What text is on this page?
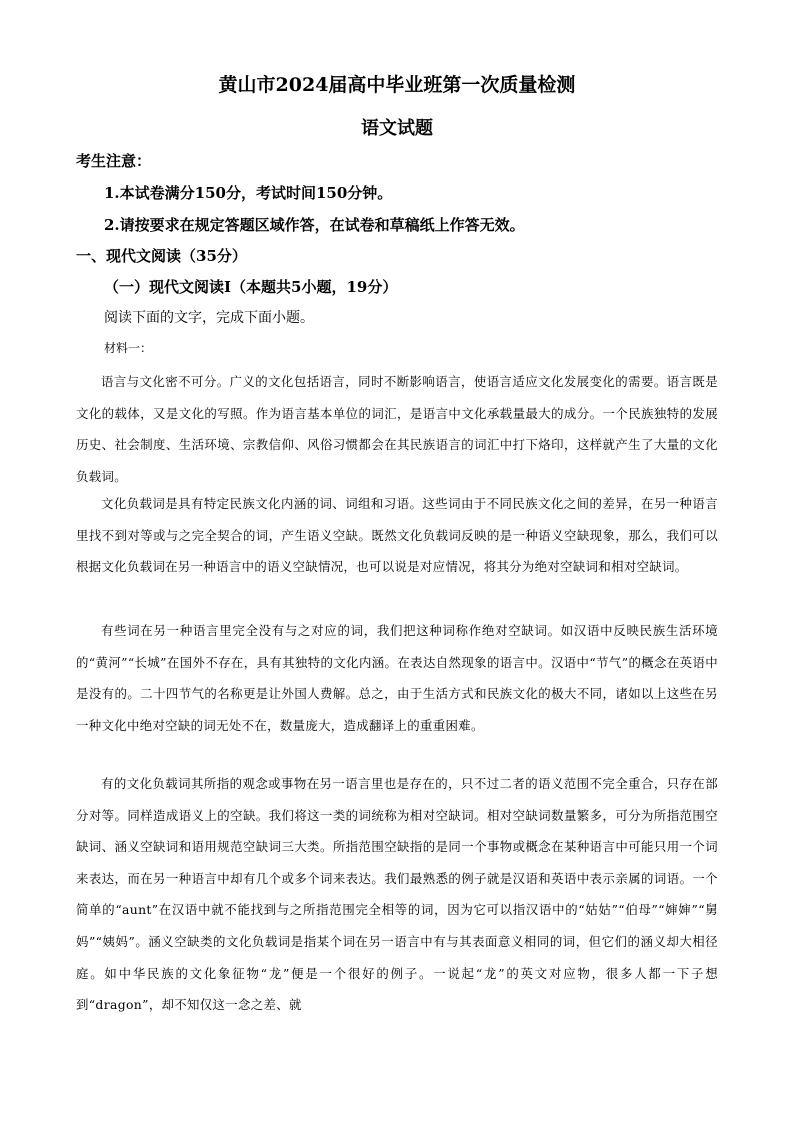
黄山市2024届高中毕业班第一次质量检测
语文试题
考生注意：
1.本试卷满分150分，考试时间150分钟。
2.请按要求在规定答题区域作答，在试卷和草稿纸上作答无效。
一、现代文阅读（35分）
（一）现代文阅读Ⅰ（本题共5小题，19分）
阅读下面的文字，完成下面小题。
材料一：
语言与文化密不可分。广义的文化包括语言，同时不断影响语言，使语言适应文化发展变化的需要。语言既是文化的载体，又是文化的写照。作为语言基本单位的词汇，是语言中文化承载量最大的成分。一个民族独特的发展历史、社会制度、生活环境、宗教信仰、风俗习惯都会在其民族语言的词汇中打下烙印，这样就产生了大量的文化负载词。
文化负载词是具有特定民族文化内涵的词、词组和习语。这些词由于不同民族文化之间的差异，在另一种语言里找不到对等或与之完全契合的词，产生语义空缺。既然文化负载词反映的是一种语义空缺现象，那么，我们可以根据文化负载词在另一种语言中的语义空缺情况，也可以说是对应情况，将其分为绝对空缺词和相对空缺词。
有些词在另一种语言里完全没有与之对应的词，我们把这种词称作绝对空缺词。如汉语中反映民族生活环境的“黄河”“长城”在国外不存在，具有其独特的文化内涵。在表达自然现象的语言中。汉语中“节气”的概念在英语中是没有的。二十四节气的名称更是让外国人费解。总之，由于生活方式和民族文化的极大不同，诸如以上这些在另一种文化中绝对空缺的词无处不在，数量庞大，造成翻译上的重重困难。
有的文化负载词其所指的观念或事物在另一语言里也是存在的，只不过二者的语义范围不完全重合，只存在部分对等。同样造成语义上的空缺。我们将这一类的词统称为相对空缺词。相对空缺词数量繁多，可分为所指范围空缺词、涵义空缺词和语用规范空缺词三大类。所指范围空缺指的是同一个事物或概念在某种语言中可能只用一个词来表达，而在另一种语言中却有几个或多个词来表达。我们最熟悉的例子就是汉语和英语中表示亲属的词语。一个简单的“aunt”在汉语中就不能找到与之所指范围完全相等的词，因为它可以指汉语中的“姑姑”“伯母”“婶婶”“舅妈”“姨妈”。涵义空缺类的文化负载词是指某个词在另一语言中有与其表面意义相同的词，但它们的涵义却大相径庭。如中华民族的文化象征物“龙”便是一个很好的例子。一说起“龙”的英文对应物，很多人都一下子想到“dragon”，却不知仅这一念之差、就
